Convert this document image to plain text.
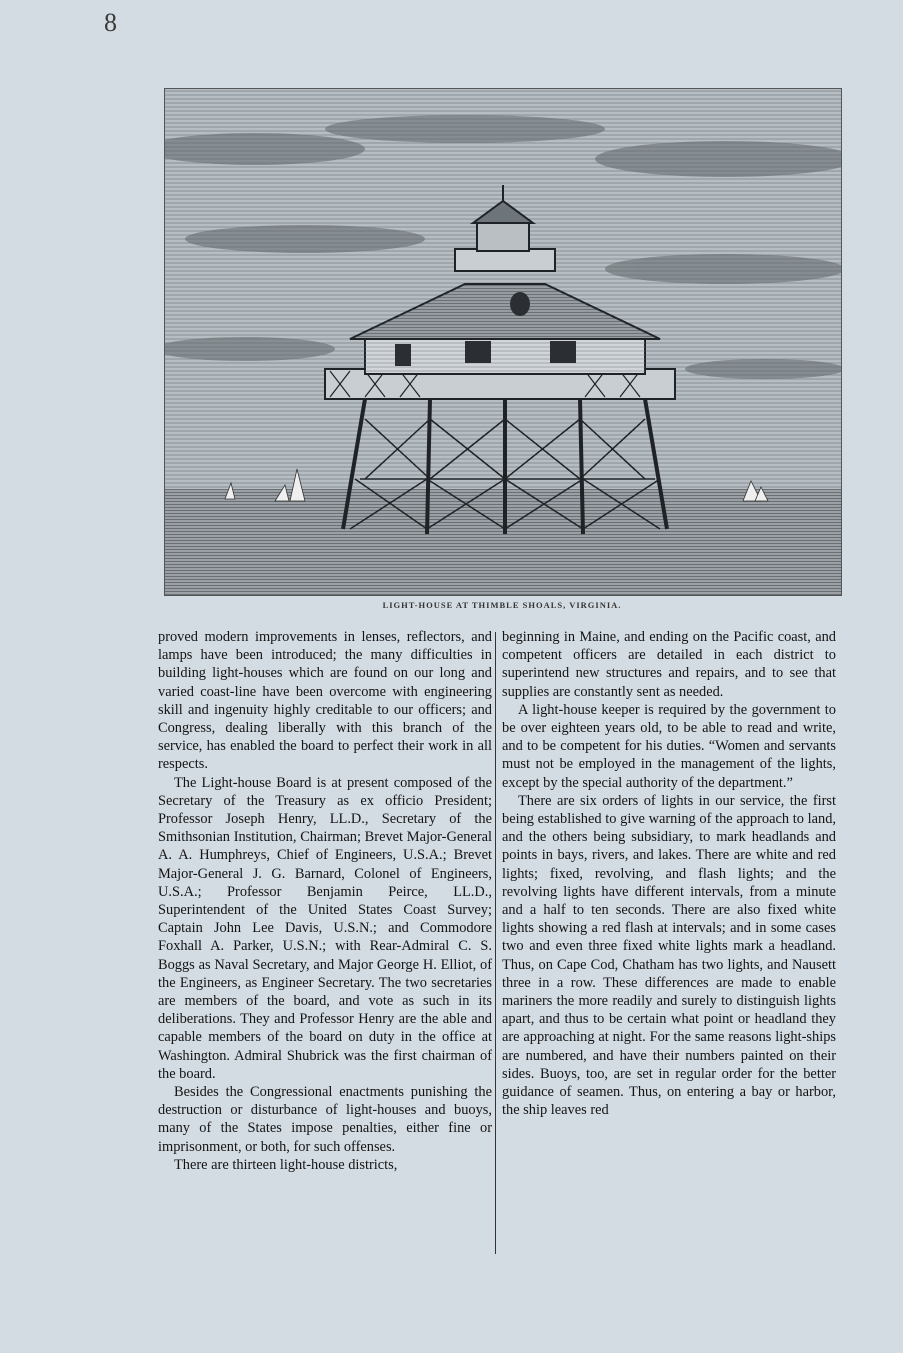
8
LIGHT-HOUSE AT THIMBLE SHOALS, VIRGINIA.

proved modern improvements in lenses, reflectors, and lamps have been introduced; the many difficulties in building light-houses which are found on our long and varied coast-line have been overcome with engineering skill and ingenuity highly creditable to our officers; and Congress, dealing liberally with this branch of the service, has enabled the board to perfect their work in all respects.

The Light-house Board is at present composed of the Secretary of the Treasury as ex officio President; Professor Joseph Henry, LL.D., Secretary of the Smithsonian Institution, Chairman; Brevet Major-General A. A. Humphreys, Chief of Engineers, U.S.A.; Brevet Major-General J. G. Barnard, Colonel of Engineers, U.S.A.; Professor Benjamin Peirce, LL.D., Superintendent of the United States Coast Survey; Captain John Lee Davis, U.S.N.; and Commodore Foxhall A. Parker, U.S.N.; with Rear-Admiral C. S. Boggs as Naval Secretary, and Major George H. Elliot, of the Engineers, as Engineer Secretary. The two secretaries are members of the board, and vote as such in its deliberations. They and Professor Henry are the able and capable members of the board on duty in the office at Washington. Admiral Shubrick was the first chairman of the board.

Besides the Congressional enactments punishing the destruction or disturbance of light-houses and buoys, many of the States impose penalties, either fine or imprisonment, or both, for such offenses.

There are thirteen light-house districts,

beginning in Maine, and ending on the Pacific coast, and competent officers are detailed in each district to superintend new structures and repairs, and to see that supplies are constantly sent as needed.

A light-house keeper is required by the government to be over eighteen years old, to be able to read and write, and to be competent for his duties. “Women and servants must not be employed in the management of the lights, except by the special authority of the department.”

There are six orders of lights in our service, the first being established to give warning of the approach to land, and the others being subsidiary, to mark headlands and points in bays, rivers, and lakes. There are white and red lights; fixed, revolving, and flash lights; and the revolving lights have different intervals, from a minute and a half to ten seconds. There are also fixed white lights showing a red flash at intervals; and in some cases two and even three fixed white lights mark a headland. Thus, on Cape Cod, Chatham has two lights, and Nausett three in a row. These differences are made to enable mariners the more readily and surely to distinguish lights apart, and thus to be certain what point or headland they are approaching at night. For the same reasons light-ships are numbered, and have their numbers painted on their sides. Buoys, too, are set in regular order for the better guidance of seamen. Thus, on entering a bay or harbor, the ship leaves red
